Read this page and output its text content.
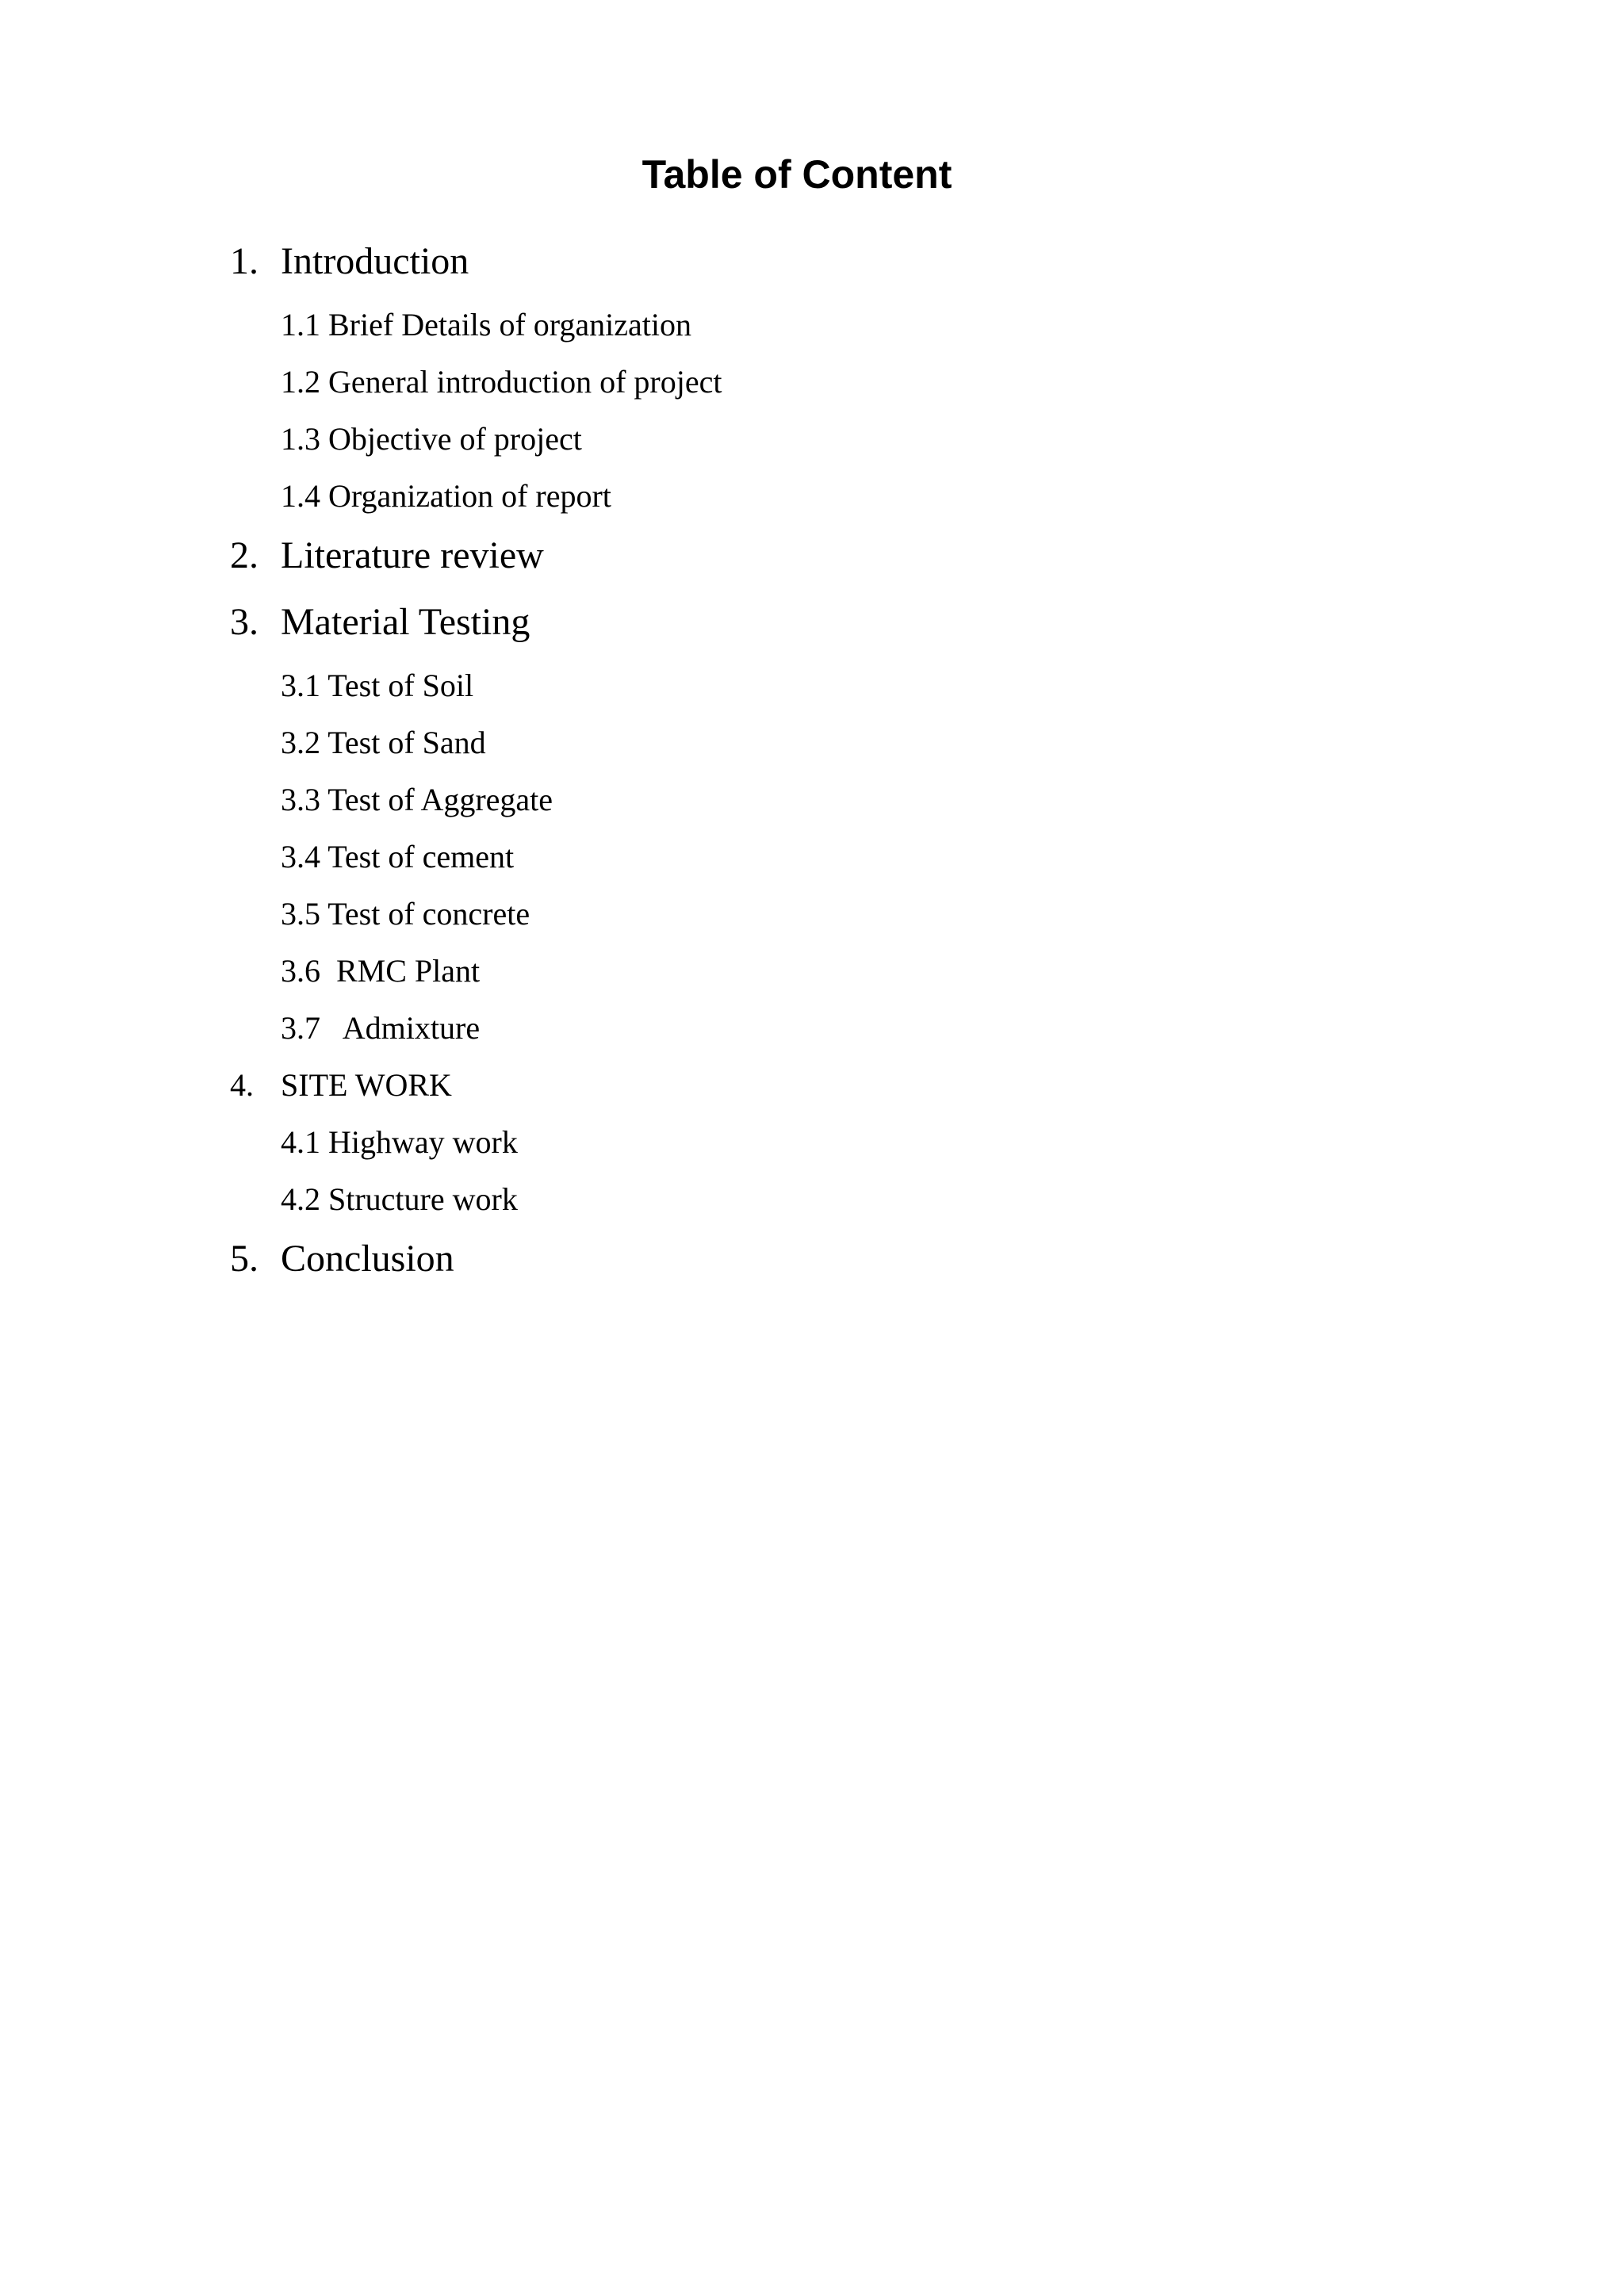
Table of Content

1.

Introduction

1.1 Brief Details of organization
1.2 General introduction of project
1.3 Objective of project
1.4 Organization of report

2.

Literature review

3.

Material Testing

3.1 Test of Soil
3.2 Test of Sand
3.3 Test of Aggregate
3.4 Test of cement
3.5 Test of concrete
3.6  RMC Plant
3.7   Admixture

4.

SITE WORK

4.1 Highway work
4.2 Structure work

5.

Conclusion
